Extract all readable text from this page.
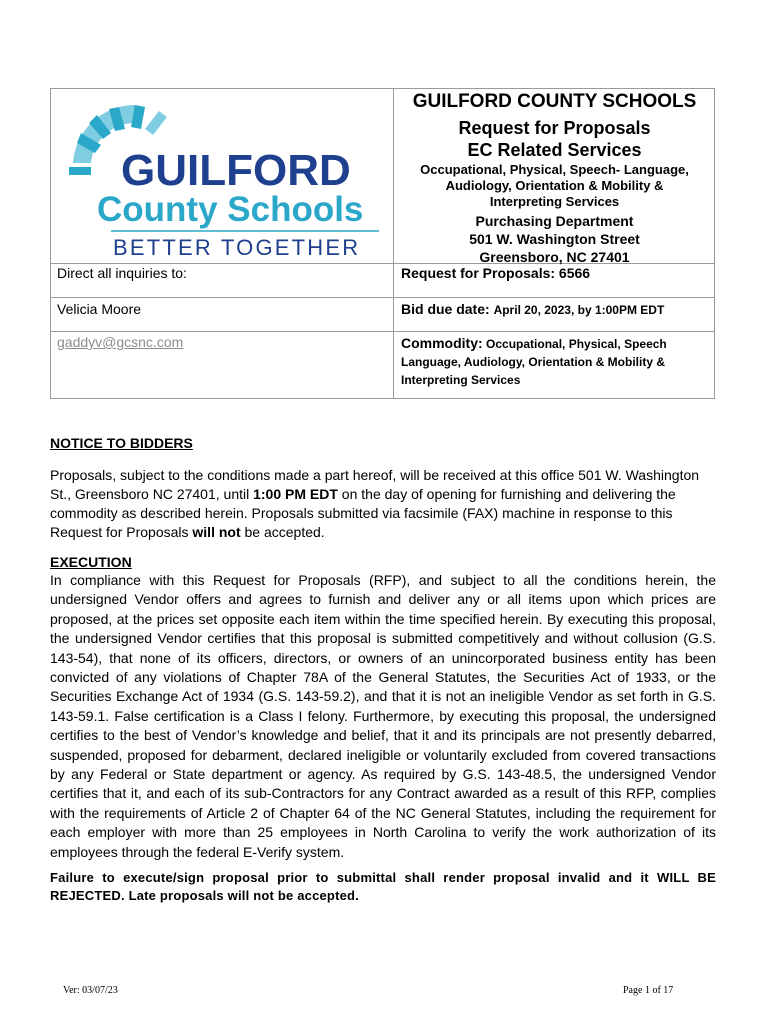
GUILFORD
County Schools
BETTER TOGETHER
GUILFORD COUNTY SCHOOLS
Request for Proposals
EC Related Services
Occupational, Physical, Speech- Language,
Audiology, Orientation & Mobility &
Interpreting Services
Purchasing Department
501 W. Washington Street
Greensboro, NC 27401
Direct all inquiries to:	Request for Proposals: 6566
Velicia Moore	Bid due date: April 20, 2023, by 1:00PM EDT
gaddyv@gcsnc.com	Commodity: Occupational, Physical, Speech
Language, Audiology, Orientation & Mobility &
Interpreting Services
NOTICE TO BIDDERS
Proposals, subject to the conditions made a part hereof, will be received at this office 501 W. Washington St., Greensboro NC 27401, until 1:00 PM EDT on the day of opening for furnishing and delivering the commodity as described herein. Proposals submitted via facsimile (FAX) machine in response to this Request for Proposals will not be accepted.
EXECUTION
In compliance with this Request for Proposals (RFP), and subject to all the conditions herein, the undersigned Vendor offers and agrees to furnish and deliver any or all items upon which prices are proposed, at the prices set opposite each item within the time specified herein. By executing this proposal, the undersigned Vendor certifies that this proposal is submitted competitively and without collusion (G.S. 143-54), that none of its officers, directors, or owners of an unincorporated business entity has been convicted of any violations of Chapter 78A of the General Statutes, the Securities Act of 1933, or the Securities Exchange Act of 1934 (G.S. 143-59.2), and that it is not an ineligible Vendor as set forth in G.S. 143-59.1. False certification is a Class I felony. Furthermore, by executing this proposal, the undersigned certifies to the best of Vendor’s knowledge and belief, that it and its principals are not presently debarred, suspended, proposed for debarment, declared ineligible or voluntarily excluded from covered transactions by any Federal or State department or agency. As required by G.S. 143-48.5, the undersigned Vendor certifies that it, and each of its sub-Contractors for any Contract awarded as a result of this RFP, complies with the requirements of Article 2 of Chapter 64 of the NC General Statutes, including the requirement for each employer with more than 25 employees in North Carolina to verify the work authorization of its employees through the federal E-Verify system.
Failure to execute/sign proposal prior to submittal shall render proposal invalid and it WILL BE REJECTED. Late proposals will not be accepted.
Ver: 03/07/23	Page 1 of 17
